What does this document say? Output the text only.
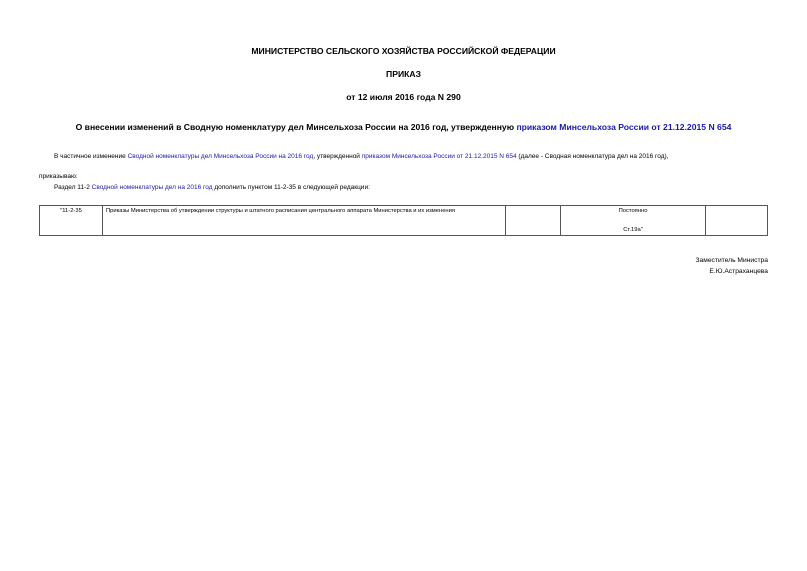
МИНИСТЕРСТВО СЕЛЬСКОГО ХОЗЯЙСТВА РОССИЙСКОЙ ФЕДЕРАЦИИ
ПРИКАЗ
от 12 июля 2016 года N 290
О внесении изменений в Сводную номенклатуру дел Минсельхоза России на 2016 год, утвержденную приказом Минсельхоза России от 21.12.2015 N 654
В частичное изменение Сводной номенклатуры дел Минсельхоза России на 2016 год, утвержденной приказом Минсельхоза России от 21.12.2015 N 654 (далее - Сводная номенклатура дел на 2016 год),
приказываю:
Раздел 11-2 Сводной номенклатуры дел на 2016 год дополнить пунктом 11-2-35 в следующей редакции:
"11-2-35	Приказы Министерства об утверждении структуры и штатного расписания центрального аппарата Министерства и их изменения		Постоянно
Ст.19а"

Заместитель Министра
Е.Ю.Астраханцева
